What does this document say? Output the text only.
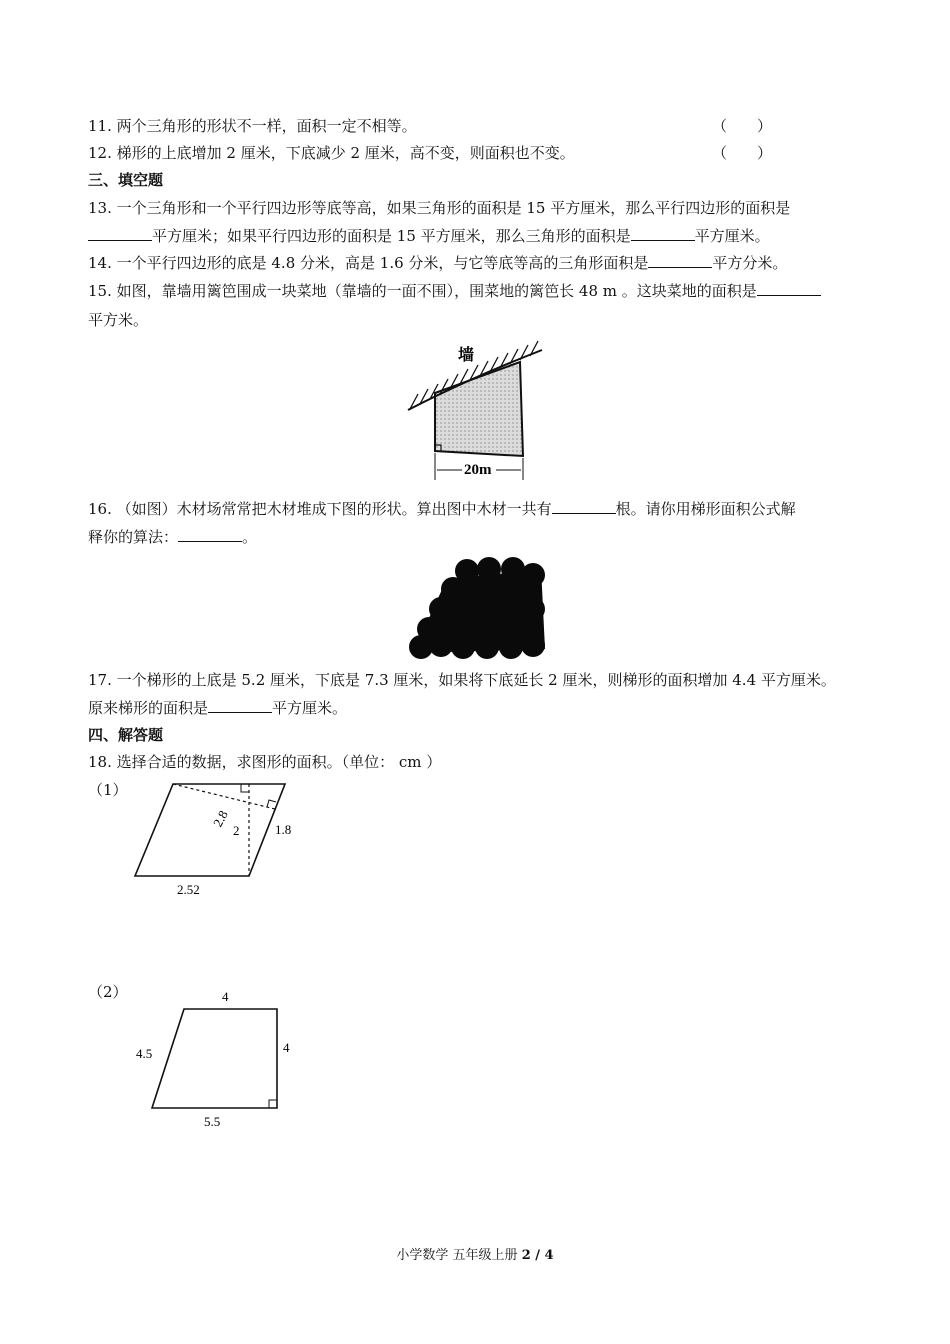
11. 两个三角形的形状不一样，面积一定不相等。	（　　）
12. 梯形的上底增加 2 厘米，下底减少 2 厘米，高不变，则面积也不变。	（　　）
三、填空题
13. 一个三角形和一个平行四边形等底等高，如果三角形的面积是 15 平方厘米，那么平行四边形的面积是
平方厘米；如果平行四边形的面积是 15 平方厘米，那么三角形的面积是	平方厘米。
14. 一个平行四边形的底是 4.8 分米，高是 1.6 分米，与它等底等高的三角形面积是	平方分米。
15. 如图，靠墙用篱笆围成一块菜地（靠墙的一面不围），围菜地的篱笆长 48 m 。这块菜地的面积是
平方米。
墙
20m
16. （如图）木材场常常把木材堆成下图的形状。算出图中木材一共有	根。请你用梯形面积公式解
释你的算法：	。
17. 一个梯形的上底是 5.2 厘米，下底是 7.3 厘米，如果将下底延长 2 厘米，则梯形的面积增加 4.4 平方厘米。
原来梯形的面积是	平方厘米。
四、解答题
18. 选择合适的数据，求图形的面积。（单位： cm ）
（1）
2.8
2	1.8
2.52
（2）	4
4.5	4
5.5
小学数学 五年级上册 2 / 4
